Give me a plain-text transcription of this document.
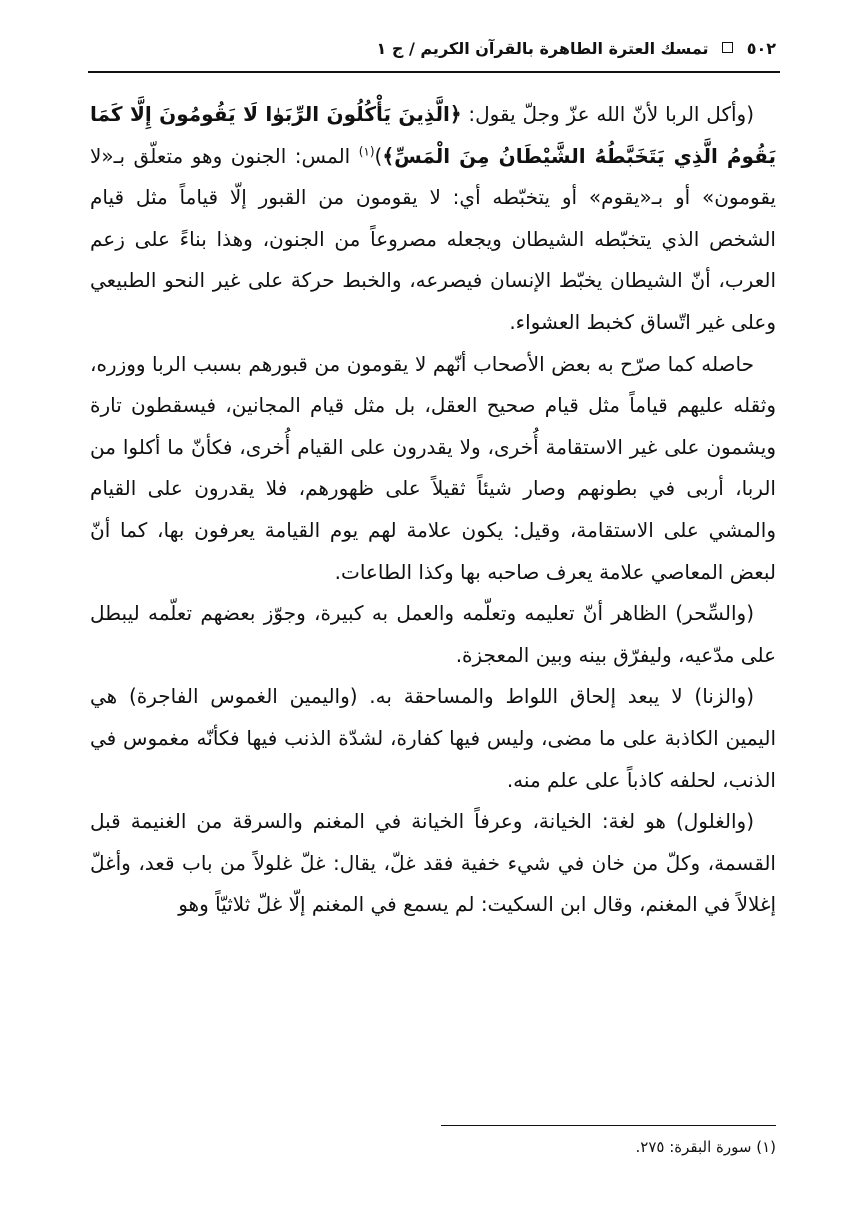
٥٠٢  تمسك العترة الطاهرة بالقرآن الكريم / ج ١

(وأكل الربا لأنّ الله عزّ وجلّ يقول: ﴿الَّذِينَ يَأْكُلُونَ الرِّبَوٰا لَا يَقُومُونَ إِلَّا كَمَا يَقُومُ الَّذِي يَتَخَبَّطُهُ الشَّيْطَانُ مِنَ الْمَسِّ﴾)$^{(١)}$ المس: الجنون وهو متعلّق بـ«لا يقومون» أو بـ«يقوم» أو يتخبّطه أي: لا يقومون من القبور إلّا قياماً مثل قيام الشخص الذي يتخبّطه الشيطان ويجعله مصروعاً من الجنون، وهذا بناءً على زعم العرب، أنّ الشيطان يخبّط الإنسان فيصرعه، والخبط حركة على غير النحو الطبيعي وعلى غير اتّساق كخبط العشواء.

حاصله كما صرّح به بعض الأصحاب أنّهم لا يقومون من قبورهم بسبب الربا ووزره، وثقله عليهم قياماً مثل قيام صحيح العقل، بل مثل قيام المجانين، فيسقطون تارة ويشمون على غير الاستقامة أُخرى، ولا يقدرون على القيام أُخرى، فكأنّ ما أكلوا من الربا، أربى في بطونهم وصار شيئاً ثقيلاً على ظهورهم، فلا يقدرون على القيام والمشي على الاستقامة، وقيل: يكون علامة لهم يوم القيامة يعرفون بها، كما أنّ لبعض المعاصي علامة يعرف صاحبه بها وكذا الطاعات.

(والسِّحر) الظاهر أنّ تعليمه وتعلّمه والعمل به كبيرة، وجوّز بعضهم تعلّمه ليبطل على مدّعيه، وليفرّق بينه وبين المعجزة.

(والزنا) لا يبعد إلحاق اللواط والمساحقة به. (واليمين الغموس الفاجرة) هي اليمين الكاذبة على ما مضى، وليس فيها كفارة، لشدّة الذنب فيها فكأنّه مغموس في الذنب، لحلفه كاذباً على علم منه.

(والغلول) هو لغة: الخيانة، وعرفاً الخيانة في المغنم والسرقة من الغنيمة قبل القسمة، وكلّ من خان في شيء خفية فقد غلّ، يقال: غلّ غلولاً من باب قعد، وأغلّ إغلالاً في المغنم، وقال ابن السكيت: لم يسمع في المغنم إلّا غلّ ثلاثيّاً وهو

(١) سورة البقرة: ٢٧٥.
